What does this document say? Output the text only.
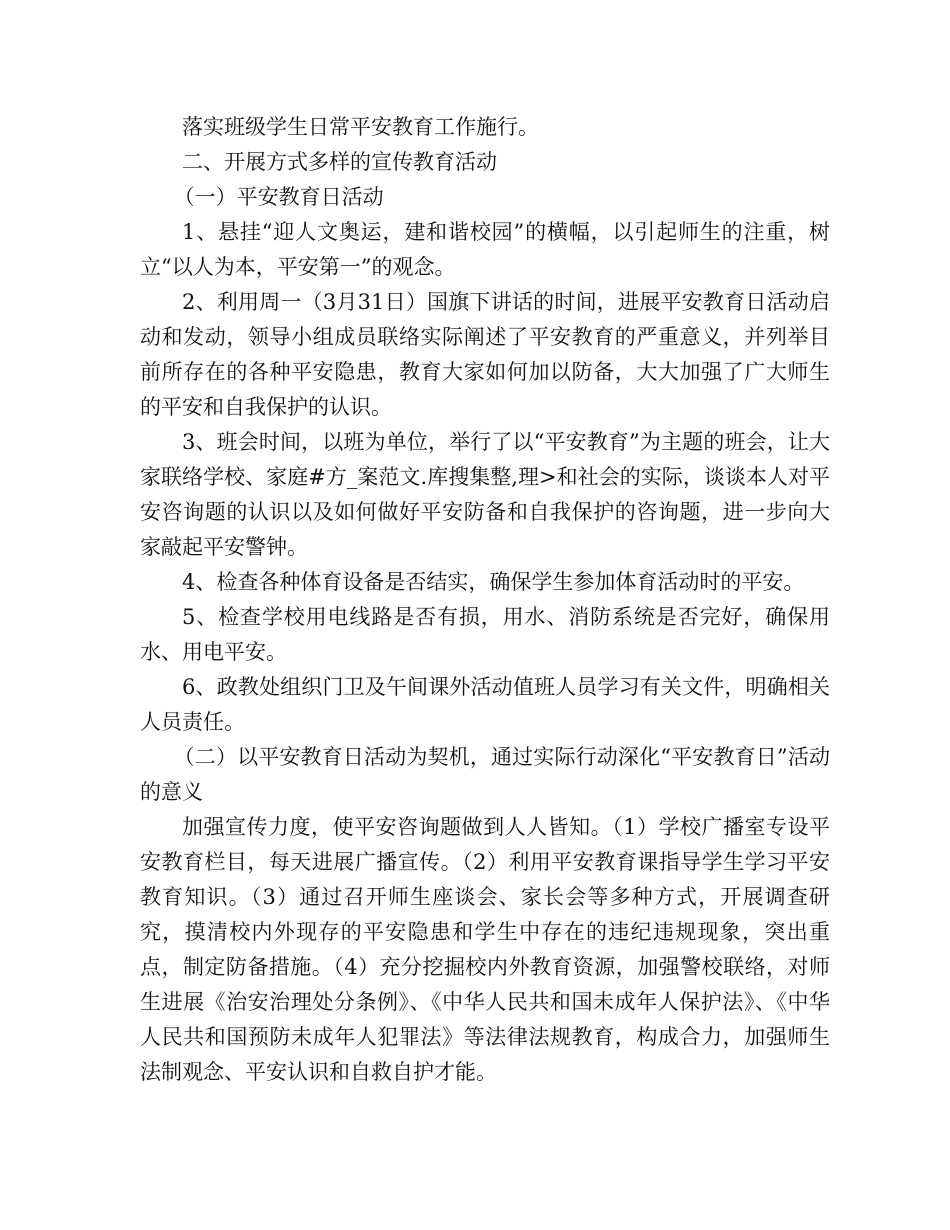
落实班级学生日常平安教育工作施行。

二、开展方式多样的宣传教育活动

（一）平安教育日活动

1、悬挂“迎人文奥运，建和谐校园”的横幅，以引起师生的注重，树立“以人为本，平安第一”的观念。

2、利用周一（3月31日）国旗下讲话的时间，进展平安教育日活动启动和发动，领导小组成员联络实际阐述了平安教育的严重意义，并列举目前所存在的各种平安隐患，教育大家如何加以防备，大大加强了广大师生的平安和自我保护的认识。

3、班会时间，以班为单位，举行了以“平安教育”为主题的班会，让大家联络学校、家庭#方_案范文.库搜集整,理>和社会的实际，谈谈本人对平安咨询题的认识以及如何做好平安防备和自我保护的咨询题，进一步向大家敲起平安警钟。

4、检查各种体育设备是否结实，确保学生参加体育活动时的平安。

5、检查学校用电线路是否有损，用水、消防系统是否完好，确保用水、用电平安。

6、政教处组织门卫及午间课外活动值班人员学习有关文件，明确相关人员责任。

（二）以平安教育日活动为契机，通过实际行动深化“平安教育日”活动的意义

加强宣传力度，使平安咨询题做到人人皆知。（1）学校广播室专设平安教育栏目，每天进展广播宣传。（2）利用平安教育课指导学生学习平安教育知识。（3）通过召开师生座谈会、家长会等多种方式，开展调查研究，摸清校内外现存的平安隐患和学生中存在的违纪违规现象，突出重点，制定防备措施。（4）充分挖掘校内外教育资源，加强警校联络，对师生进展《治安治理处分条例》、《中华人民共和国未成年人保护法》、《中华人民共和国预防未成年人犯罪法》等法律法规教育，构成合力，加强师生法制观念、平安认识和自救自护才能。
